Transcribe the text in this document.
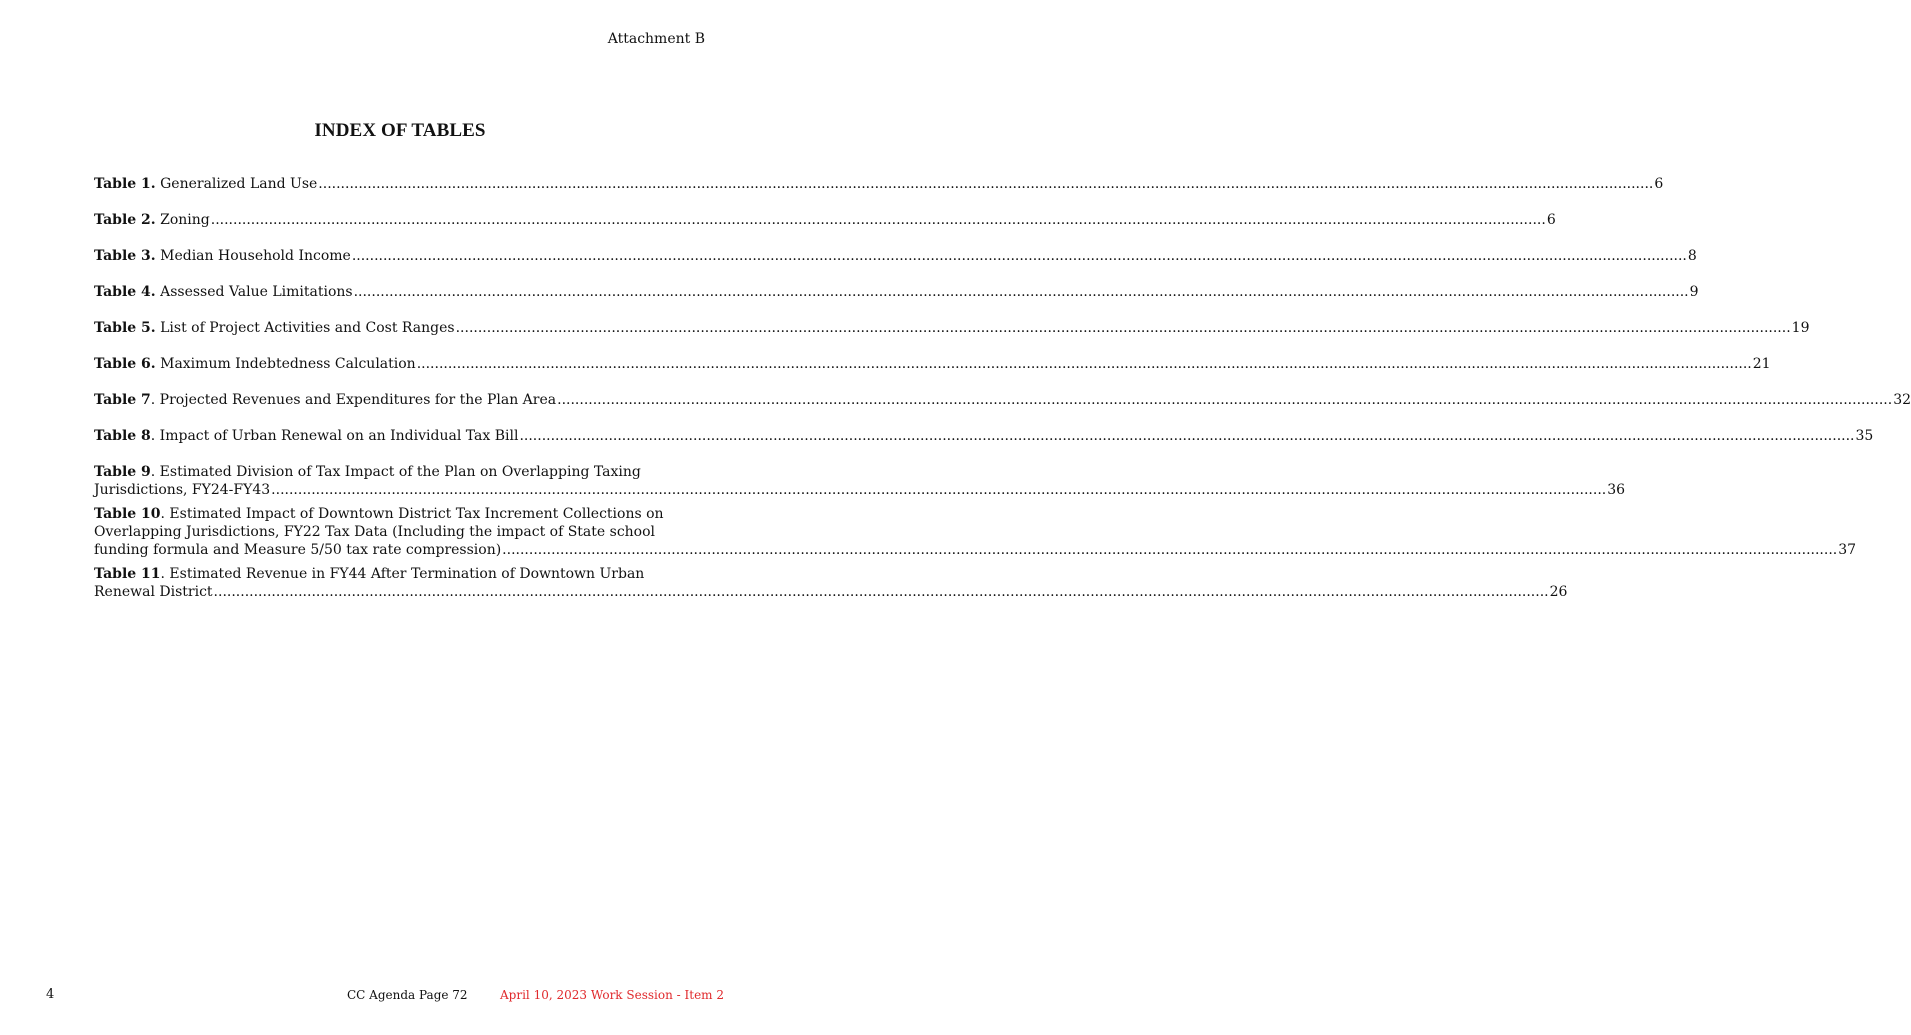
Attachment B
INDEX OF TABLES
Table 1. Generalized Land Use ............................................................................................................................................................................................................................................................................................................ 6
Table 2. Zoning ............................................................................................................................................................................................................................................................................................................ 6
Table 3. Median Household Income ............................................................................................................................................................................................................................................................................................................ 8
Table 4. Assessed Value Limitations ............................................................................................................................................................................................................................................................................................................ 9
Table 5. List of Project Activities and Cost Ranges ............................................................................................................................................................................................................................................................................................................ 19
Table 6. Maximum Indebtedness Calculation ............................................................................................................................................................................................................................................................................................................ 21
Table 7. Projected Revenues and Expenditures for the Plan Area ............................................................................................................................................................................................................................................................................................................ 32
Table 8. Impact of Urban Renewal on an Individual Tax Bill ............................................................................................................................................................................................................................................................................................................ 35
Table 9. Estimated Division of Tax Impact of the Plan on Overlapping Taxing
Jurisdictions, FY24-FY43 ............................................................................................................................................................................................................................................................................................................ 36
Table 10. Estimated Impact of Downtown District Tax Increment Collections on
Overlapping Jurisdictions, FY22 Tax Data (Including the impact of State school
funding formula and Measure 5/50 tax rate compression) ............................................................................................................................................................................................................................................................................................................ 37
Table 11. Estimated Revenue in FY44 After Termination of Downtown Urban
Renewal District ............................................................................................................................................................................................................................................................................................................ 26
4	CC Agenda Page 72	April 10, 2023 Work Session - Item 2
